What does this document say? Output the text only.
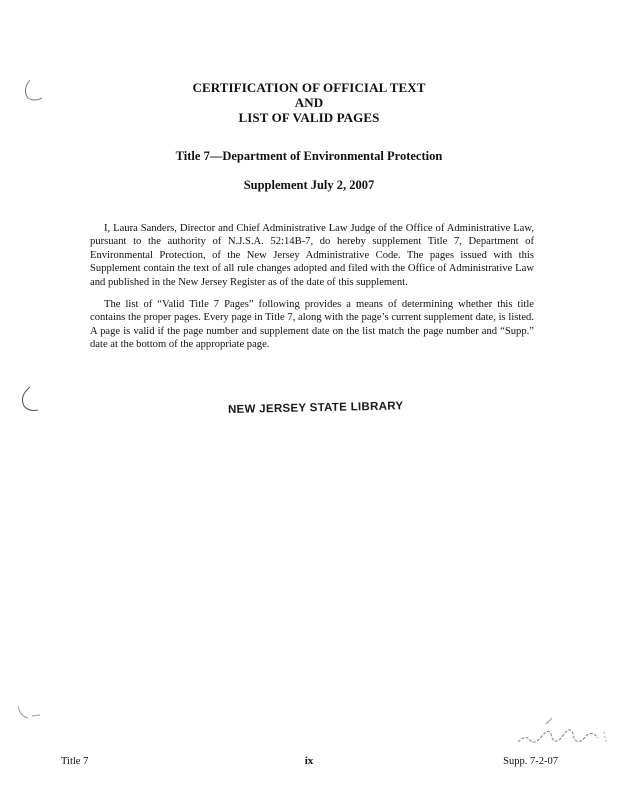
CERTIFICATION OF OFFICIAL TEXT
AND
LIST OF VALID PAGES
Title 7—Department of Environmental Protection
Supplement July 2, 2007

I, Laura Sanders, Director and Chief Administrative Law Judge of the Office of Administrative Law, pursuant to the authority of N.J.S.A. 52:14B-7, do hereby supplement Title 7, Department of Environmental Protection, of the New Jersey Administrative Code. The pages issued with this Supplement contain the text of all rule changes adopted and filed with the Office of Administrative Law and published in the New Jersey Register as of the date of this supplement.

The list of “Valid Title 7 Pages” following provides a means of determining whether this title contains the proper pages. Every page in Title 7, along with the page’s current supplement date, is listed. A page is valid if the page number and supplement date on the list match the page number and “Supp.” date at the bottom of the appropriate page.

NEW JERSEY STATE LIBRARY
Title 7	ix	Supp. 7-2-07
